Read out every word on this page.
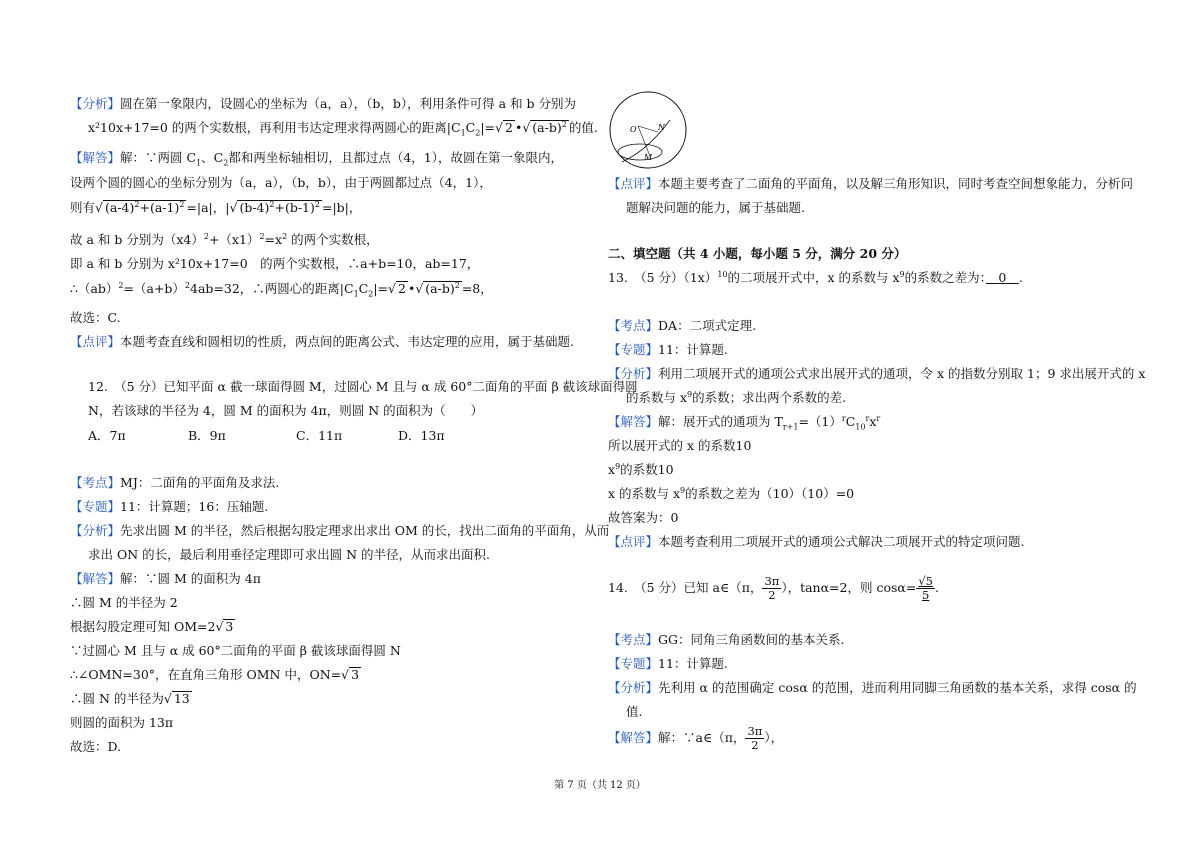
【分析】圆在第一象限内，设圆心的坐标为（a，a），（b，b），利用条件可得 a 和 b 分别为
x²10x+17=0 的两个实数根，再利用韦达定理求得两圆心的距离$|C_1C_2|=√$ 2 •√ $(a-b)^2$ 的值.
【解答】解：∵两圆 $C_1$、$C_2$都和两坐标轴相切，且都过点（4，1），故圆在第一象限内，
设两个圆的圆心的坐标分别为（a，a），（b，b），由于两圆都过点（4，1），
则有√ $(a-4)^2+(a-1)^2 =|a|$，|√ $(b-4)^2+(b-1)^2 =|b|$，
故 a 和 b 分别为$(x4)^2+(x1)^2=x^2$ 的两个实数根，
即 a 和 b 分别为 x²10x+17=0　的两个实数根，∴a+b=10，ab=17，
$\therefore(ab)^2=(a+b)^24ab=32$，∴两圆心的距离$|C_1C_2|=√$ 2 •√ $(a-b)^2 =8$，
故选：C.
【点评】本题考查直线和圆相切的性质，两点间的距离公式、韦达定理的应用，属于基础题.
12.　（5 分）已知平面 α 截一球面得圆 M，过圆心 M 且与 α 成 60°二面角的平面 β 截该球面得圆
N，若该球的半径为 4，圆 M 的面积为 4π，则圆 N 的面积为（　　）
A．7π	B．9π	C．11π	D．13π
【考点】MJ：二面角的平面角及求法.
【专题】11：计算题；16：压轴题.
【分析】先求出圆 M 的半径，然后根据勾股定理求出求出 OM 的长，找出二面角的平面角，从而
求出 ON 的长，最后利用垂径定理即可求出圆 N 的半径，从而求出面积.
【解答】解：∵圆 M 的面积为 4π
∴圆 M 的半径为 2
根据勾股定理可知 OM=2√ 3
∵过圆心 M 且与 α 成 60°二面角的平面 β 截该球面得圆 N
∴∠OMN=30°，在直角三角形 OMN 中，ON=√ 3
∴圆 N 的半径为√ 13
则圆的面积为 13π
故选：D.
O	N
M
【点评】本题主要考查了二面角的平面角，以及解三角形知识，同时考查空间想象能力，分析问
题解决问题的能力，属于基础题.
二、填空题（共 4 小题，每小题 5 分，满分 20 分）
13.　（5 分）$(1x)^{10}$的二项展开式中，x 的系数与 $x^9$的系数之差为：　0　.
【考点】DA：二项式定理.
【专题】11：计算题.
【分析】利用二项展开式的通项公式求出展开式的通项，令 x 的指数分别取 1；9 求出展开式的 x
的系数与 $x^9$的系数；求出两个系数的差.
【解答】解：展开式的通项为 $T_{r+1}=(1)^rC_{10}^rx^r$
所以展开式的 x 的系数10
$x^9$的系数10
x 的系数与 $x^9$的系数之差为（10）（10）=0
故答案为：0
【点评】本题考查利用二项展开式的通项公式解决二项展开式的特定项问题.
14.　（5 分）已知 a∈（π， $\frac{3\pi}{2}$ ），tanα=2，则 $\cos\alpha= \frac{√5}{5}$ .
【考点】GG：同角三角函数间的基本关系.
【专题】11：计算题.
【分析】先利用 α 的范围确定 cosα 的范围，进而利用同脚三角函数的基本关系，求得 cosα 的
值.
【解答】解：∵a∈（π， $\frac{3\pi}{2}$ ），
第 7 页（共 12 页）
